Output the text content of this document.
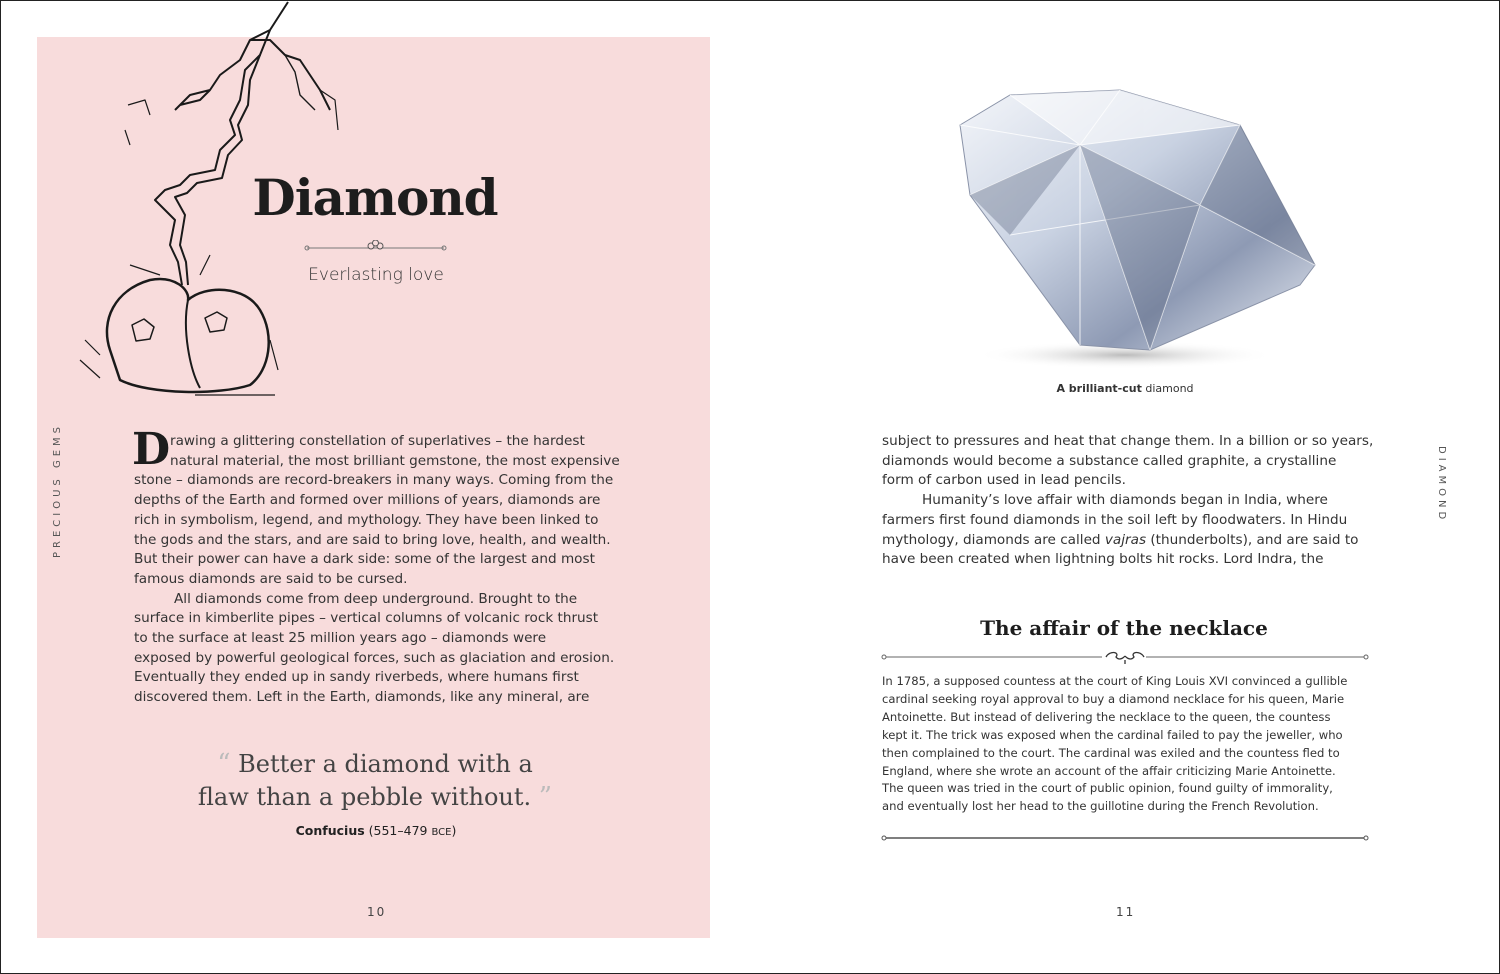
Diamond
Everlasting love
PRECIOUS GEMS D rawing a glittering constellation of superlatives – the hardest
natural material, the most brilliant gemstone, the most expensive
stone – diamonds are record-breakers in many ways. Coming from the
depths of the Earth and formed over millions of years, diamonds are
rich in symbolism, legend, and mythology. They have been linked to
the gods and the stars, and are said to bring love, health, and wealth.
But their power can have a dark side: some of the largest and most
famous diamonds are said to be cursed.
All diamonds come from deep underground. Brought to the
surface in kimberlite pipes – vertical columns of volcanic rock thrust
to the surface at least 25 million years ago – diamonds were
exposed by powerful geological forces, such as glaciation and erosion.
Eventually they ended up in sandy riverbeds, where humans first
discovered them. Left in the Earth, diamonds, like any mineral, are
“ Better a diamond with a
flaw than a pebble without. ”
Confucius (551–479 BCE)
10
A brilliant-cut diamond
DIAMOND
subject to pressures and heat that change them. In a billion or so years,
diamonds would become a substance called graphite, a crystalline
form of carbon used in lead pencils.
Humanity’s love affair with diamonds began in India, where
farmers first found diamonds in the soil left by floodwaters. In Hindu
mythology, diamonds are called vajras (thunderbolts), and are said to
have been created when lightning bolts hit rocks. Lord Indra, the
The affair of the necklace
In 1785, a supposed countess at the court of King Louis XVI convinced a gullible
cardinal seeking royal approval to buy a diamond necklace for his queen, Marie
Antoinette. But instead of delivering the necklace to the queen, the countess
kept it. The trick was exposed when the cardinal failed to pay the jeweller, who
then complained to the court. The cardinal was exiled and the countess fled to
England, where she wrote an account of the affair criticizing Marie Antoinette.
The queen was tried in the court of public opinion, found guilty of immorality,
and eventually lost her head to the guillotine during the French Revolution.
11
